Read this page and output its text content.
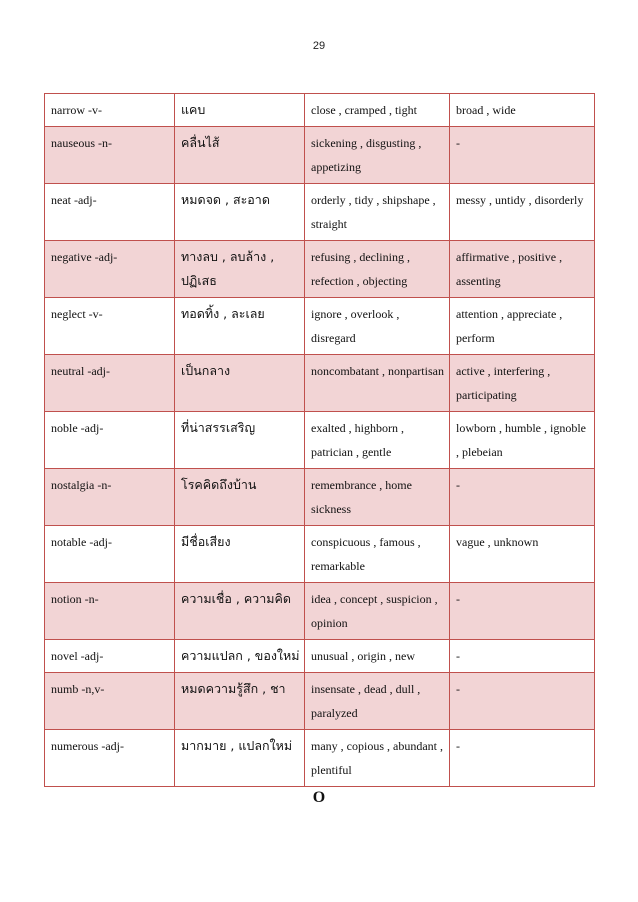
29
narrow -v-	แคบ	close , cramped , tight	broad , wide
nauseous -n-	คลื่นไส้	sickening , disgusting , appetizing	-
neat -adj-	หมดจด , สะอาด	orderly , tidy , shipshape , straight	messy , untidy , disorderly
negative -adj-	ทางลบ , ลบล้าง , ปฏิเสธ	refusing , declining , refection , objecting	affirmative , positive , assenting
neglect -v-	ทอดทิ้ง , ละเลย	ignore , overlook , disregard	attention , appreciate , perform
neutral -adj-	เป็นกลาง	noncombatant , nonpartisan	active , interfering , participating
noble -adj-	ที่น่าสรรเสริญ	exalted , highborn , patrician , gentle	lowborn , humble , ignoble , plebeian
nostalgia -n-	โรคคิดถึงบ้าน	remembrance , home sickness	-
notable -adj-	มีชื่อเสียง	conspicuous , famous , remarkable	vague , unknown
notion -n-	ความเชื่อ , ความคิด	idea , concept , suspicion , opinion	-
novel -adj-	ความแปลก , ของใหม่	unusual , origin , new	-
numb -n,v-	หมดความรู้สึก , ชา	insensate , dead , dull , paralyzed	-
numerous -adj-	มากมาย , แปลกใหม่	many , copious , abundant , plentiful	-
O
